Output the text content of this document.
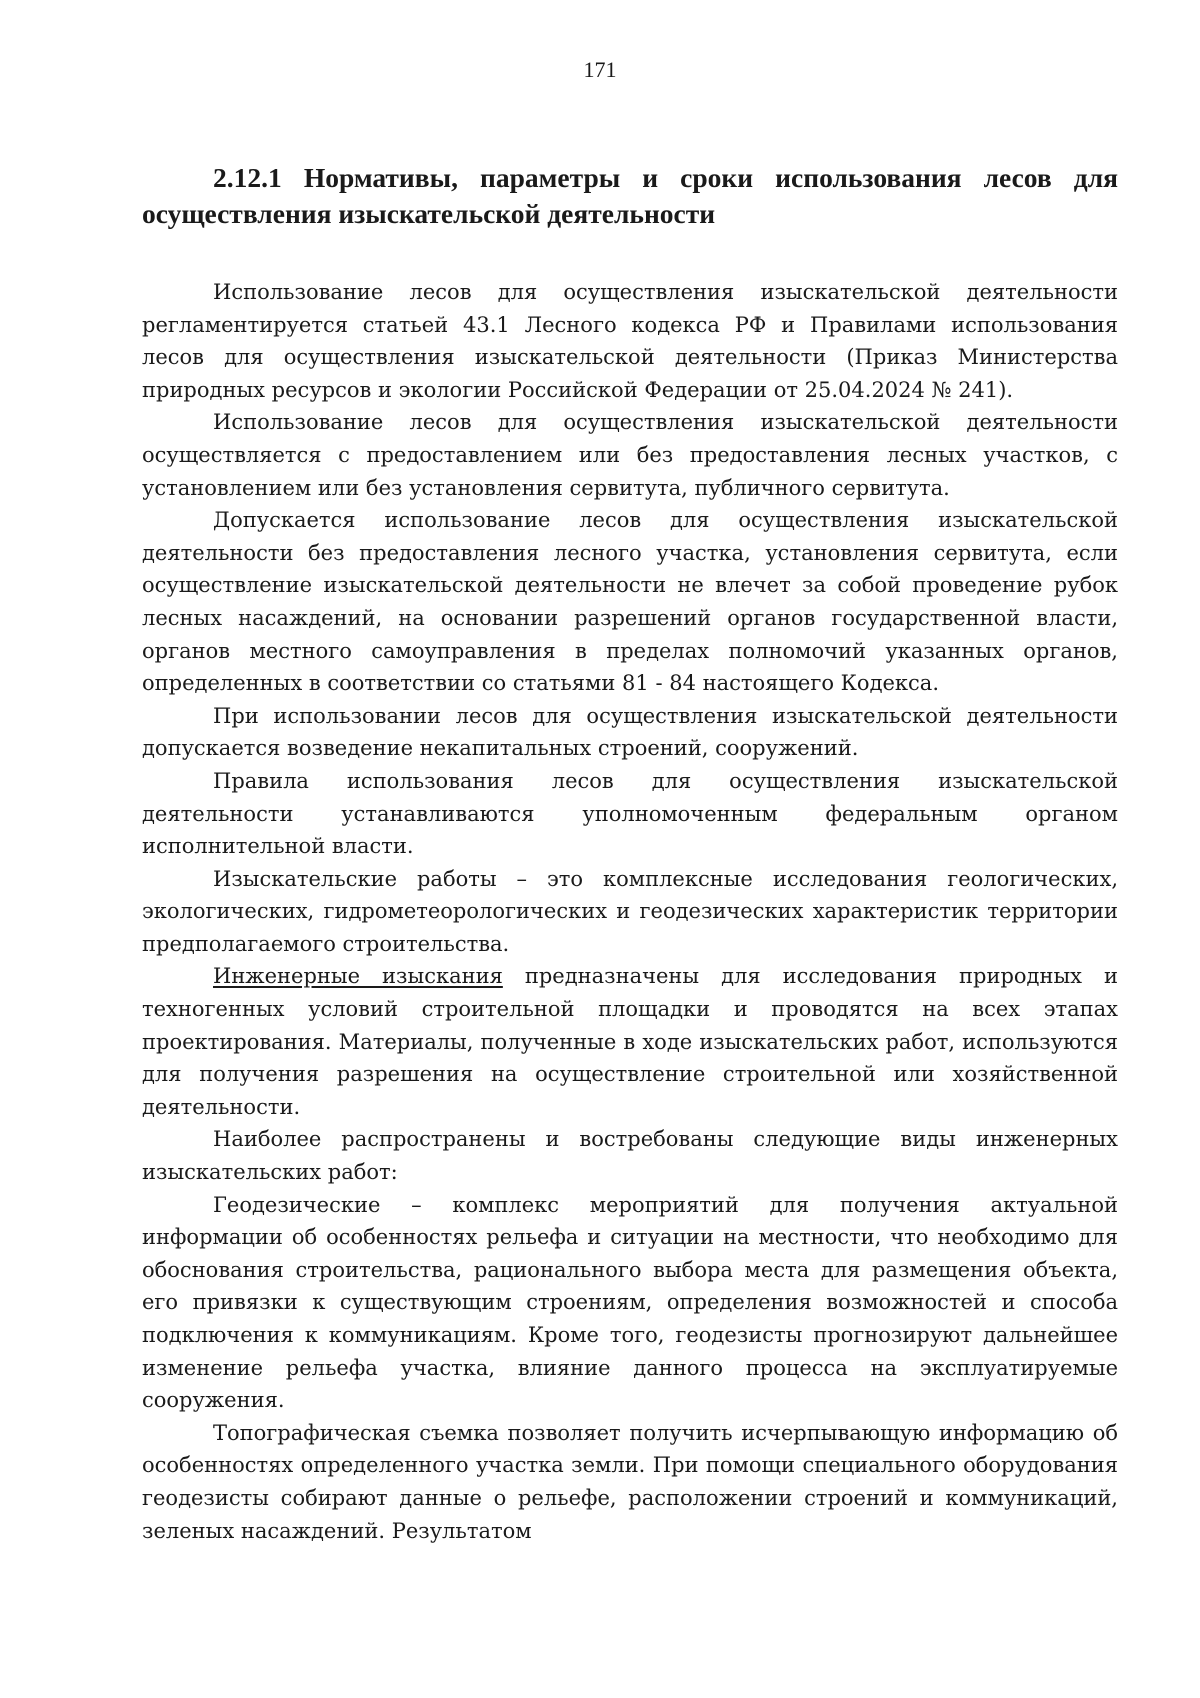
171
2.12.1 Нормативы, параметры и сроки использования лесов для осуществления изыскательской деятельности

Использование лесов для осуществления изыскательской деятельности регламентируется статьей 43.1 Лесного кодекса РФ и Правилами использования лесов для осуществления изыскательской деятельности (Приказ Министерства природных ресурсов и экологии Российской Федерации от 25.04.2024 № 241).

Использование лесов для осуществления изыскательской деятельности осуществляется с предоставлением или без предоставления лесных участков, с установлением или без установления сервитута, публичного сервитута.

Допускается использование лесов для осуществления изыскательской деятельности без предоставления лесного участка, установления сервитута, если осуществление изыскательской деятельности не влечет за собой проведение рубок лесных насаждений, на основании разрешений органов государственной власти, органов местного самоуправления в пределах полномочий указанных органов, определенных в соответствии со статьями 81 - 84 настоящего Кодекса.

При использовании лесов для осуществления изыскательской деятельности допускается возведение некапитальных строений, сооружений.

Правила использования лесов для осуществления изыскательской деятельности устанавливаются уполномоченным федеральным органом исполнительной власти.

Изыскательские работы – это комплексные исследования геологических, экологических, гидрометеорологических и геодезических характеристик территории предполагаемого строительства.

Инженерные изыскания предназначены для исследования природных и техногенных условий строительной площадки и проводятся на всех этапах проектирования. Материалы, полученные в ходе изыскательских работ, используются для получения разрешения на осуществление строительной или хозяйственной деятельности.

Наиболее распространены и востребованы следующие виды инженерных изыскательских работ:

Геодезические – комплекс мероприятий для получения актуальной информации об особенностях рельефа и ситуации на местности, что необходимо для обоснования строительства, рационального выбора места для размещения объекта, его привязки к существующим строениям, определения возможностей и способа подключения к коммуникациям. Кроме того, геодезисты прогнозируют дальнейшее изменение рельефа участка, влияние данного процесса на эксплуатируемые сооружения.

Топографическая съемка позволяет получить исчерпывающую информацию об особенностях определенного участка земли. При помощи специального оборудования геодезисты собирают данные о рельефе, расположении строений и коммуникаций, зеленых насаждений. Результатом
